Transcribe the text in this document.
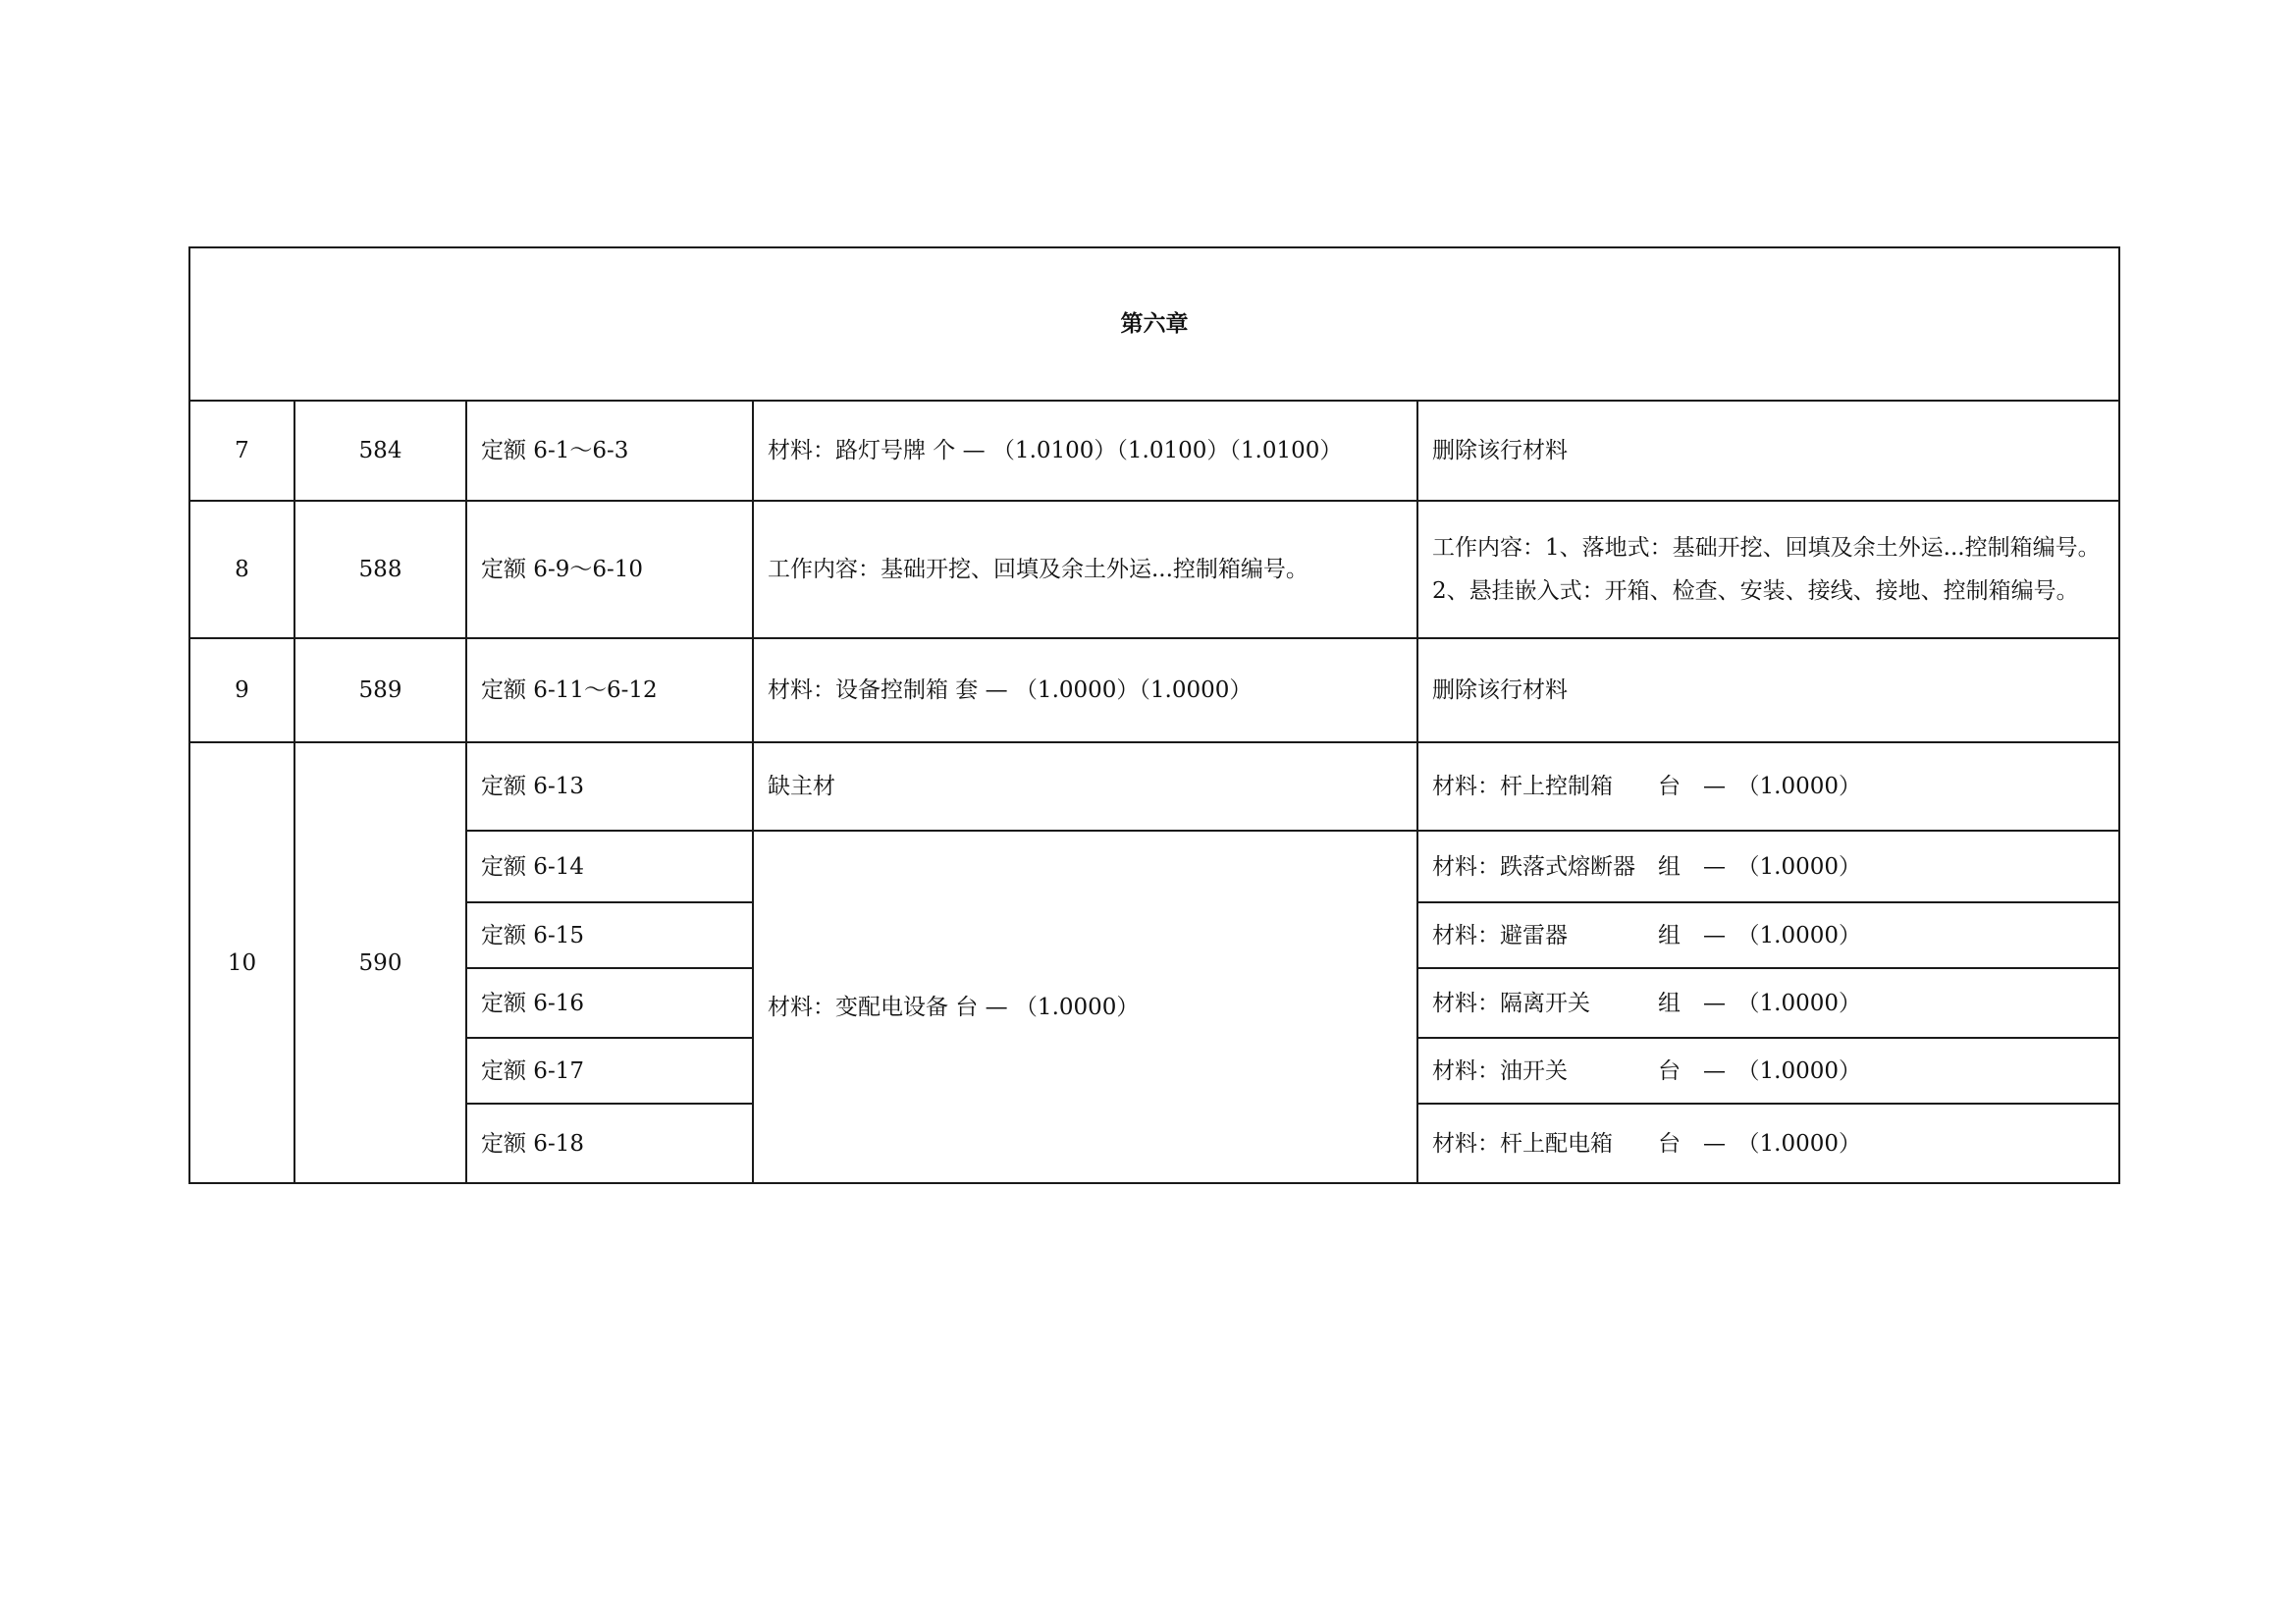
第六章				
7	584	定额 6-1～6-3	材料：路灯号牌 个 — （1.0100）（1.0100）（1.0100）	删除该行材料
8	588	定额 6-9～6-10	工作内容：基础开挖、回填及余土外运...控制箱编号。	工作内容：1、落地式：基础开挖、回填及余土外运...控制箱编号。2、悬挂嵌入式：开箱、检查、安装、接线、接地、控制箱编号。
9	589	定额 6-11～6-12	材料：设备控制箱 套 — （1.0000）（1.0000）	删除该行材料
10	590	定额 6-13	缺主材	材料：杆上控制箱　　台　—　（1.0000）
		定额 6-14	材料：变配电设备 台 — （1.0000）	材料：跌落式熔断器　组　—　（1.0000）
		定额 6-15		材料：避雷器　　　　组　—　（1.0000）
		定额 6-16		材料：隔离开关　　　组　—　（1.0000）
		定额 6-17		材料：油开关　　　　台　—　（1.0000）
		定额 6-18		材料：杆上配电箱　　台　—　（1.0000）
